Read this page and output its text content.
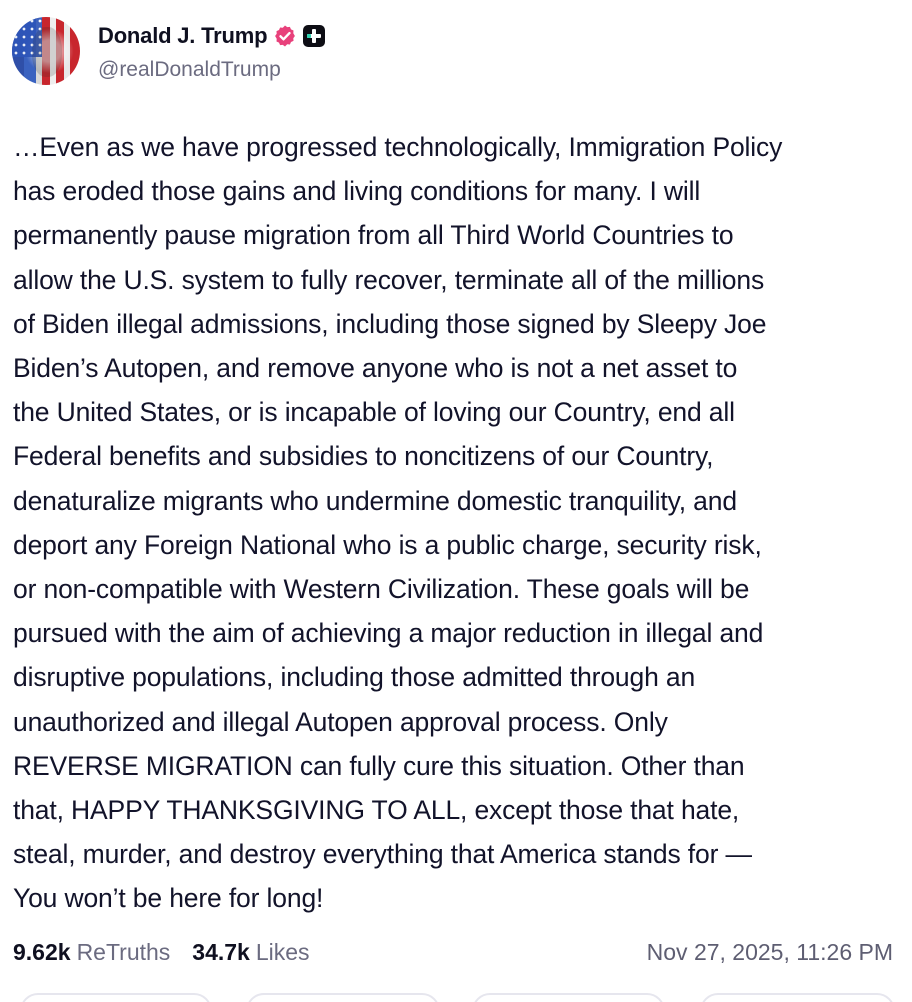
Donald J. Trump
@realDonaldTrump
…Even as we have progressed technologically, Immigration Policy
has eroded those gains and living conditions for many. I will
permanently pause migration from all Third World Countries to
allow the U.S. system to fully recover, terminate all of the millions
of Biden illegal admissions, including those signed by Sleepy Joe
Biden’s Autopen, and remove anyone who is not a net asset to
the United States, or is incapable of loving our Country, end all
Federal benefits and subsidies to noncitizens of our Country,
denaturalize migrants who undermine domestic tranquility, and
deport any Foreign National who is a public charge, security risk,
or non-compatible with Western Civilization. These goals will be
pursued with the aim of achieving a major reduction in illegal and
disruptive populations, including those admitted through an
unauthorized and illegal Autopen approval process. Only
REVERSE MIGRATION can fully cure this situation. Other than
that, HAPPY THANKSGIVING TO ALL, except those that hate,
steal, murder, and destroy everything that America stands for —
You won’t be here for long!
9.62k ReTruths 34.7k Likes	Nov 27, 2025, 11:26 PM
